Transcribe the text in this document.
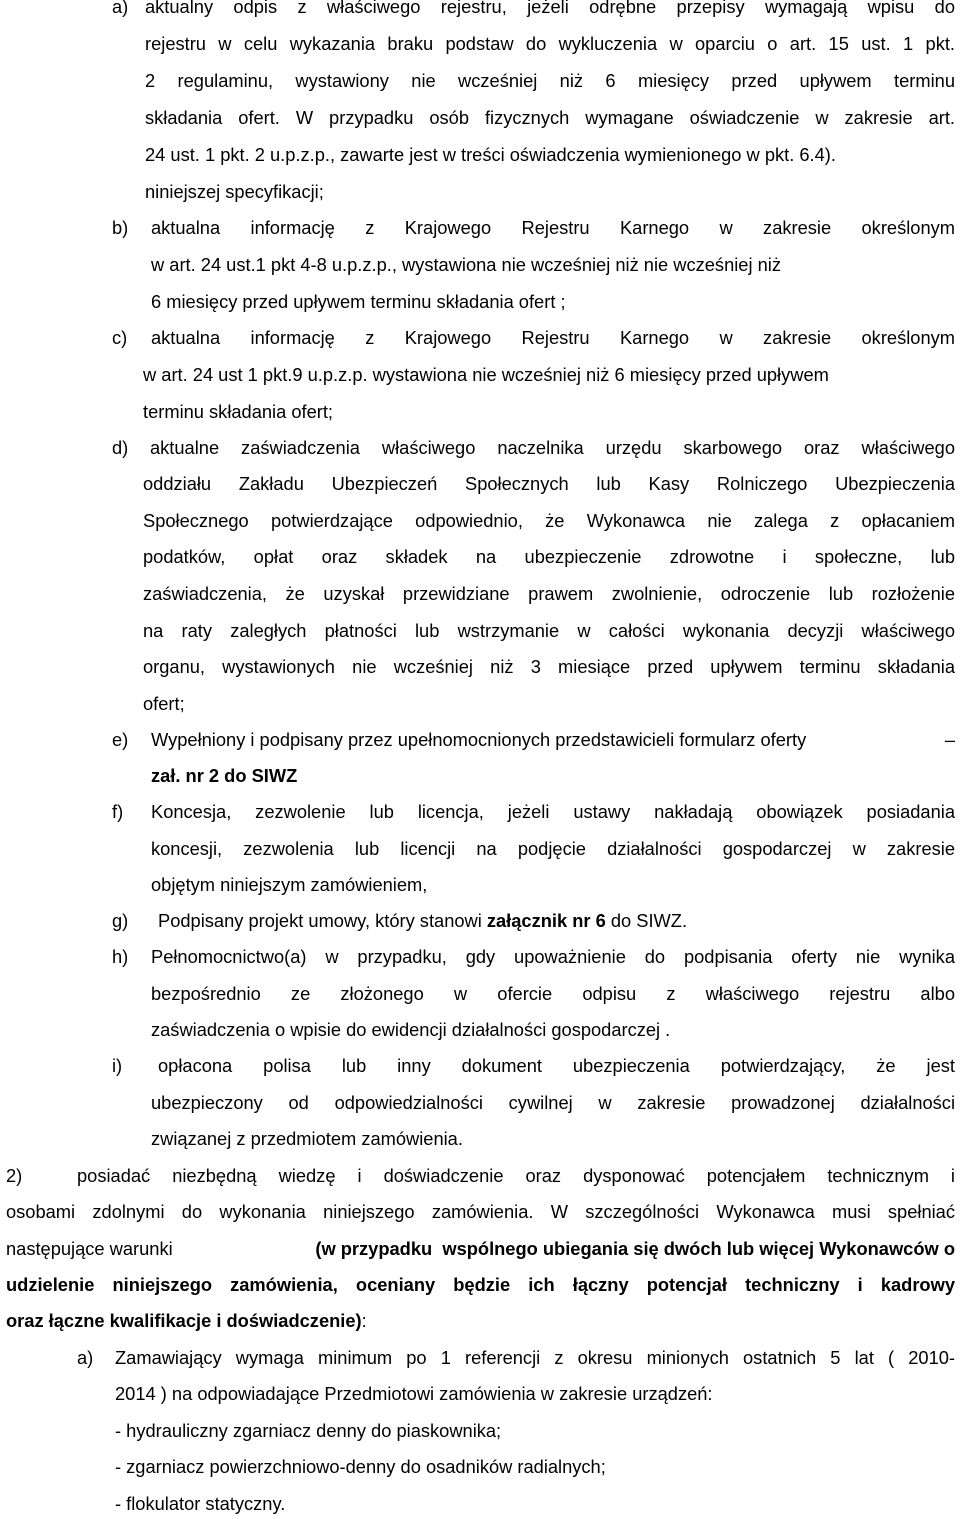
a) aktualny odpis z właściwego rejestru, jeżeli odrębne przepisy wymagają wpisu do
rejestru w celu wykazania braku podstaw do wykluczenia w oparciu o art. 15 ust. 1 pkt.
2 regulaminu, wystawiony nie wcześniej niż 6 miesięcy przed upływem terminu
składania ofert. W przypadku osób fizycznych wymagane oświadczenie w zakresie art.
24 ust. 1 pkt. 2 u.p.z.p., zawarte jest w treści oświadczenia wymienionego w pkt. 6.4).
niniejszej specyfikacji;
b) aktualna informację z Krajowego Rejestru Karnego w zakresie określonym
w art. 24 ust.1 pkt 4-8 u.p.z.p., wystawiona nie wcześniej niż nie wcześniej niż
6 miesięcy przed upływem terminu składania ofert ;
c) aktualna informację z Krajowego Rejestru Karnego w zakresie określonym
w art. 24 ust 1 pkt.9 u.p.z.p. wystawiona nie wcześniej niż 6 miesięcy przed upływem
terminu składania ofert;
d) aktualne zaświadczenia właściwego naczelnika urzędu skarbowego oraz właściwego
oddziału Zakładu Ubezpieczeń Społecznych lub Kasy Rolniczego Ubezpieczenia
Społecznego potwierdzające odpowiednio, że Wykonawca nie zalega z opłacaniem
podatków, opłat oraz składek na ubezpieczenie zdrowotne i społeczne, lub
zaświadczenia, że uzyskał przewidziane prawem zwolnienie, odroczenie lub rozłożenie
na raty zaległych płatności lub wstrzymanie w całości wykonania decyzji właściwego
organu, wystawionych nie wcześniej niż 3 miesiące przed upływem terminu składania
ofert;
e) Wypełniony i podpisany przez upełnomocnionych przedstawicieli formularz oferty	–
zał. nr 2 do SIWZ
f) Koncesja, zezwolenie lub licencja, jeżeli ustawy nakładają obowiązek posiadania
koncesji, zezwolenia lub licencji na podjęcie działalności gospodarczej w zakresie
objętym niniejszym zamówieniem,
g) Podpisany projekt umowy, który stanowi załącznik nr 6 do SIWZ.
h) Pełnomocnictwo(a) w przypadku, gdy upoważnienie do podpisania oferty nie wynika
bezpośrednio ze złożonego w ofercie odpisu z właściwego rejestru albo
zaświadczenia o wpisie do ewidencji działalności gospodarczej .
i) opłacona polisa lub inny dokument ubezpieczenia potwierdzający, że jest
ubezpieczony od odpowiedzialności cywilnej w zakresie prowadzonej działalności
związanej z przedmiotem zamówienia.
2)	posiadać niezbędną wiedzę i doświadczenie oraz dysponować potencjałem technicznym i
osobami zdolnymi do wykonania niniejszego zamówienia. W szczególności Wykonawca musi spełniać
następujące warunki	(w przypadku  wspólnego ubiegania się dwóch lub więcej Wykonawców o
udzielenie niniejszego zamówienia, oceniany będzie ich łączny potencjał techniczny i kadrowy
oraz łączne kwalifikacje i doświadczenie):
a) Zamawiający wymaga minimum po 1 referencji z okresu minionych ostatnich 5 lat ( 2010-
2014 ) na odpowiadające Przedmiotowi zamówienia w zakresie urządzeń:
- hydrauliczny zgarniacz denny do piaskownika;
- zgarniacz powierzchniowo-denny do osadników radialnych;
- flokulator statyczny.
